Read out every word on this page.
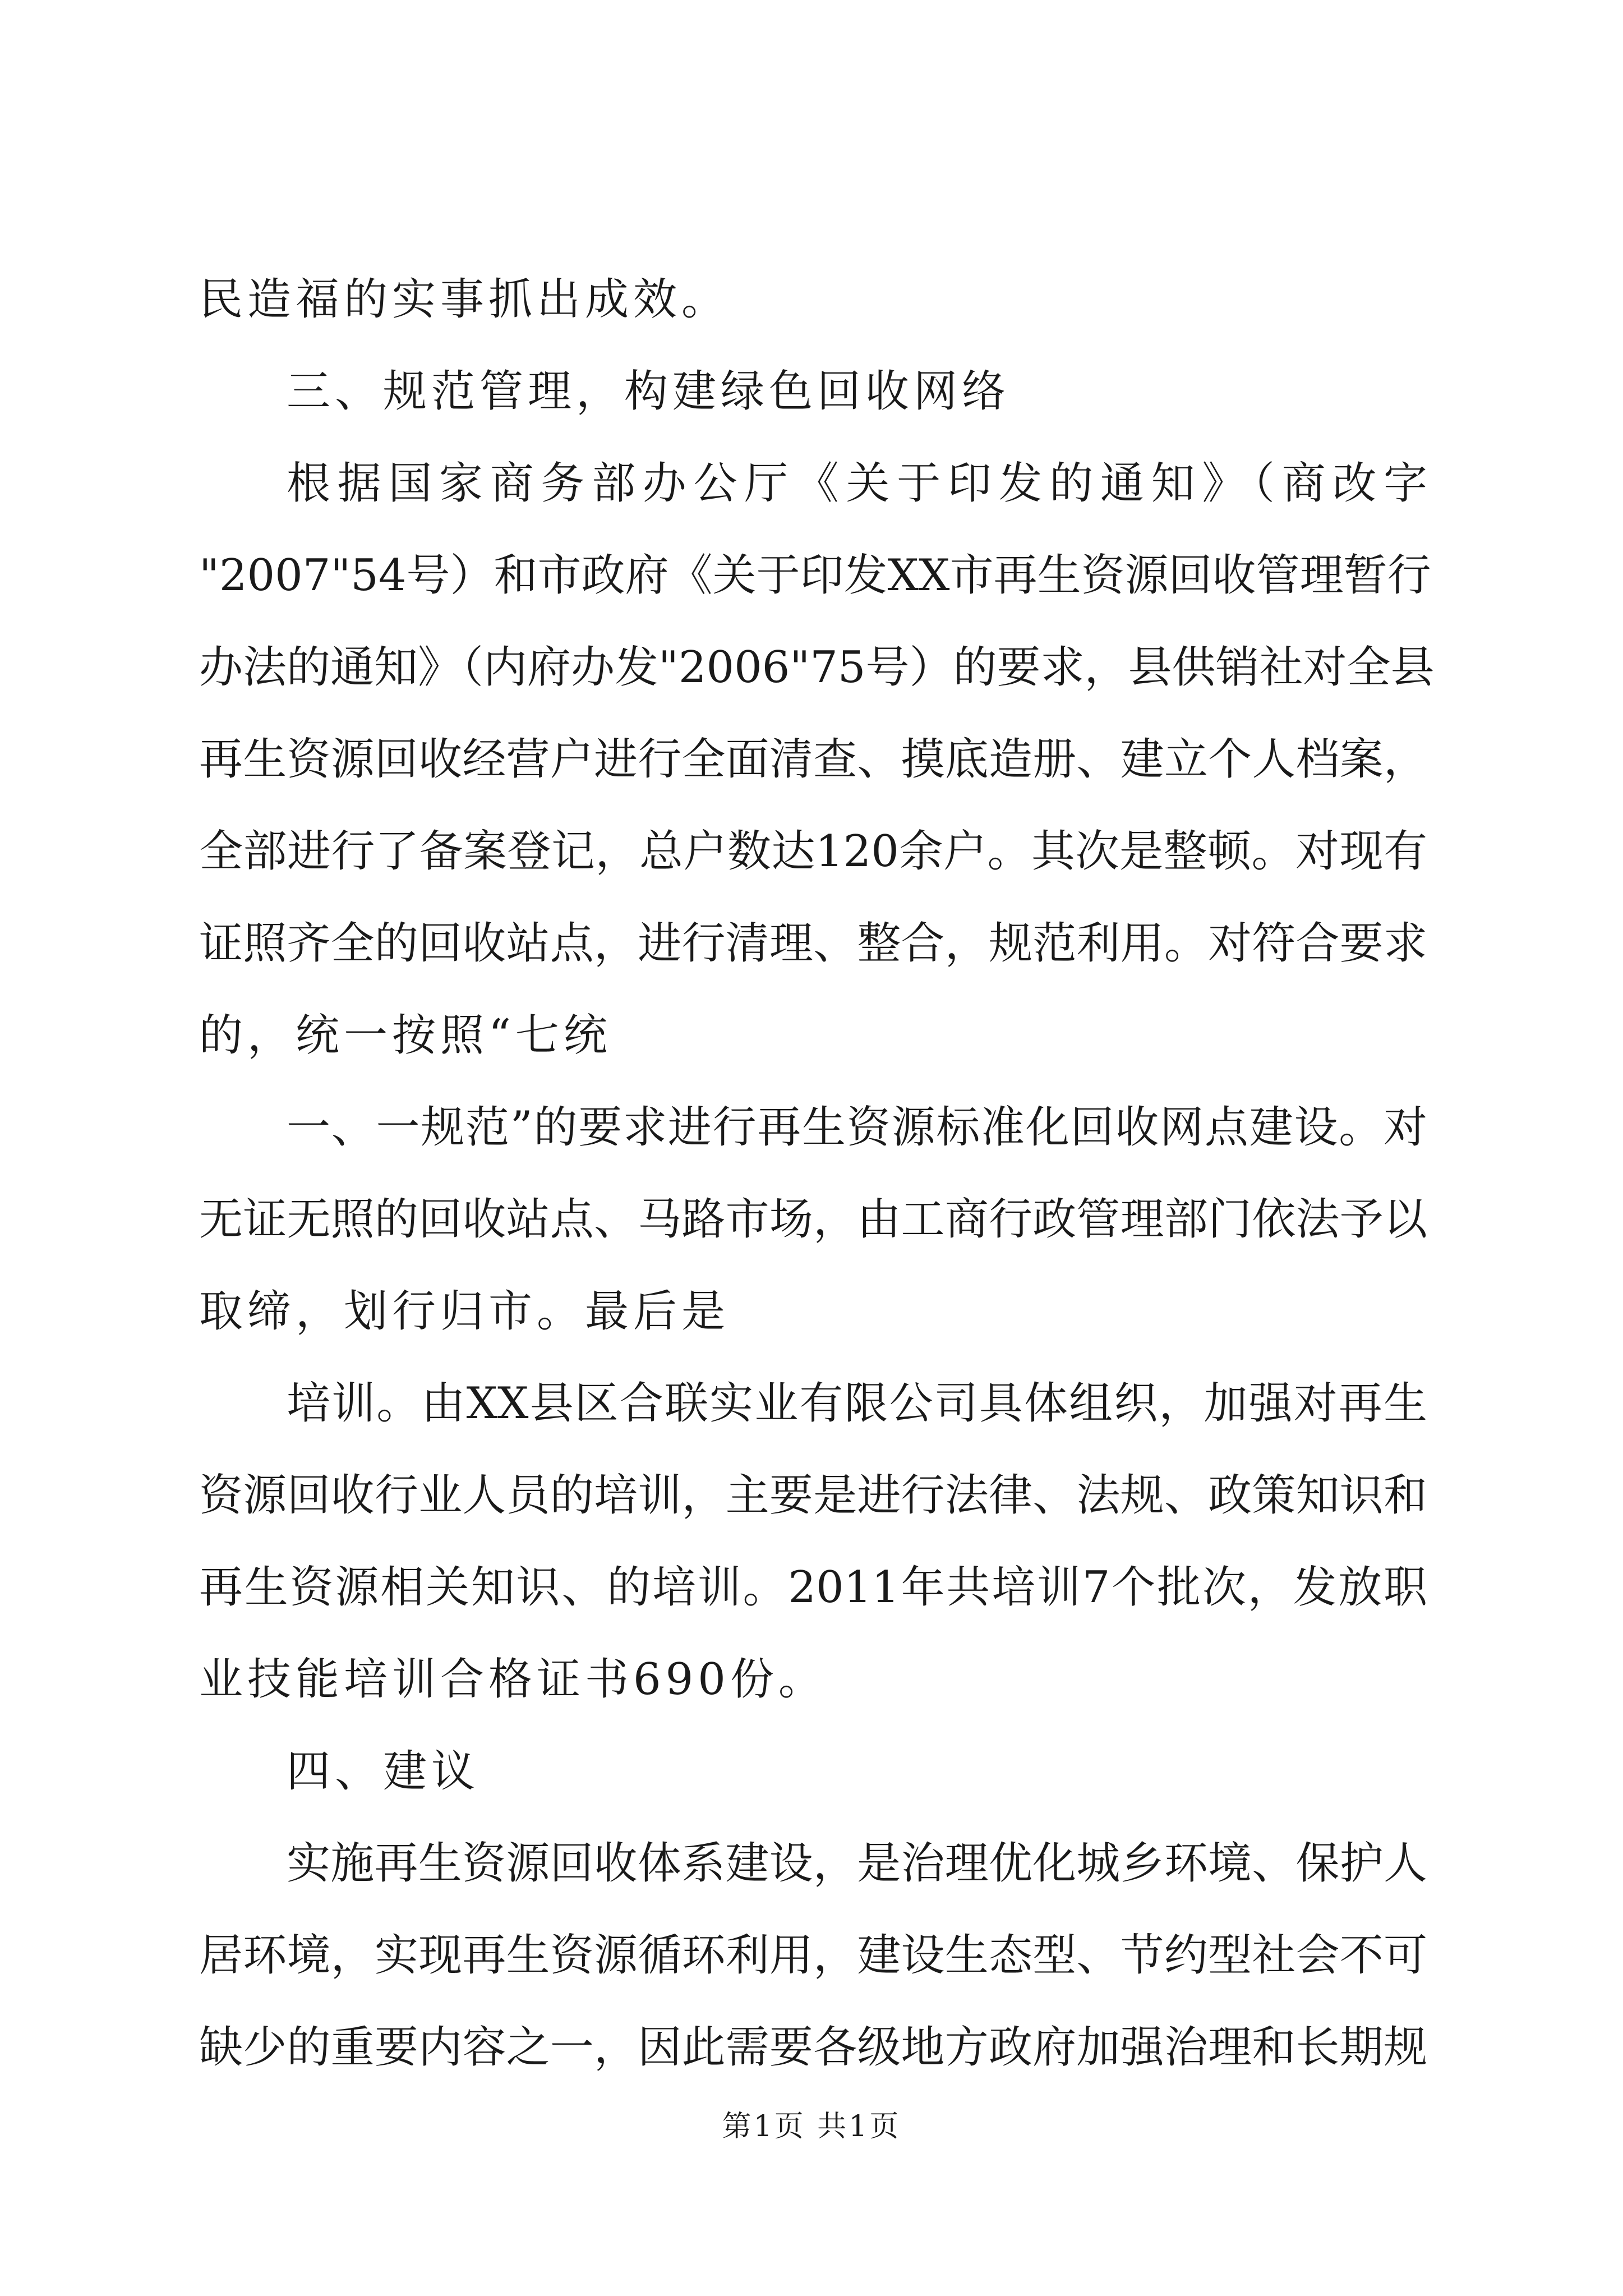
民造福的实事抓出成效。
三、规范管理，构建绿色回收网络
根据国家商务部办公厅《关于印发的通知》（商改字
"2007"54号）和市政府《关于印发XX市再生资源回收管理暂行
办法的通知》（内府办发"2006"75号）的要求，县供销社对全县
再生资源回收经营户进行全面清查、摸底造册、建立个人档案，
全部进行了备案登记，总户数达120余户。其次是整顿。对现有
证照齐全的回收站点，进行清理、整合，规范利用。对符合要求
的，统一按照“七统
一、一规范”的要求进行再生资源标准化回收网点建设。对
无证无照的回收站点、马路市场，由工商行政管理部门依法予以
取缔，划行归市。最后是
培训。由XX县区合联实业有限公司具体组织，加强对再生
资源回收行业人员的培训，主要是进行法律、法规、政策知识和
再生资源相关知识、的培训。2011年共培训7个批次，发放职
业技能培训合格证书690份。
四、建议
实施再生资源回收体系建设，是治理优化城乡环境、保护人
居环境，实现再生资源循环利用，建设生态型、节约型社会不可
缺少的重要内容之一，因此需要各级地方政府加强治理和长期规
第1页 共1页
